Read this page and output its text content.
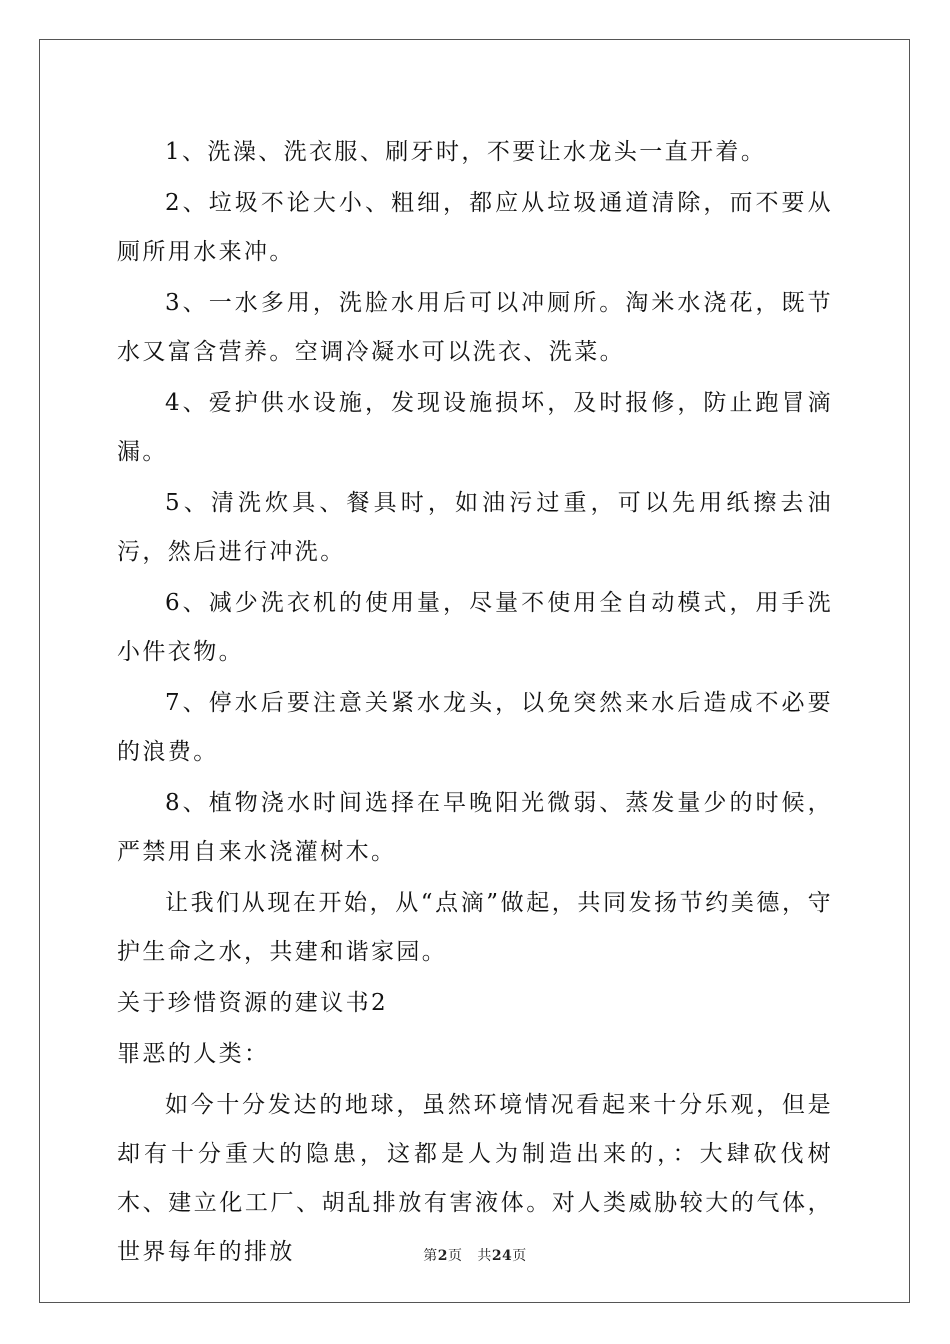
1、洗澡、洗衣服、刷牙时，不要让水龙头一直开着。

2、垃圾不论大小、粗细，都应从垃圾通道清除，而不要从厕所用水来冲。

3、一水多用，洗脸水用后可以冲厕所。淘米水浇花，既节水又富含营养。空调冷凝水可以洗衣、洗菜。

4、爱护供水设施，发现设施损坏，及时报修，防止跑冒滴漏。

5、清洗炊具、餐具时，如油污过重，可以先用纸擦去油污，然后进行冲洗。

6、减少洗衣机的使用量，尽量不使用全自动模式，用手洗小件衣物。

7、停水后要注意关紧水龙头，以免突然来水后造成不必要的浪费。

8、植物浇水时间选择在早晚阳光微弱、蒸发量少的时候，严禁用自来水浇灌树木。

让我们从现在开始，从“点滴”做起，共同发扬节约美德，守护生命之水，共建和谐家园。

关于珍惜资源的建议书2

罪恶的人类：

如今十分发达的地球，虽然环境情况看起来十分乐观，但是却有十分重大的隐患，这都是人为制造出来的，：大肆砍伐树木、建立化工厂、胡乱排放有害液体。对人类威胁较大的气体，世界每年的排放	第2页 共24页
